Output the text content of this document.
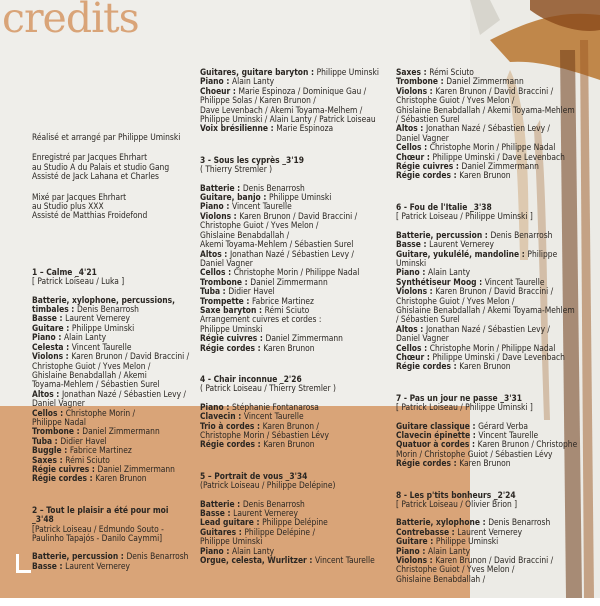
credits

Réalisé et arrangé par Philippe Uminski

Enregistré par Jacques Ehrhart

au Studio A du Palais et studio Gang

Assisté de Jack Lahana et Charles

Mixé par Jacques Ehrhart

au Studio plus XXX

Assisté de Matthias Froidefond

1 – Calme _4'21

[ Patrick Loiseau / Luka ]

Batterie, xylophone, percussions,

timbales : Denis Benarrosh

Basse : Laurent Vernerey

Guitare : Philippe Uminski

Piano : Alain Lanty

Celesta : Vincent Taurelle

Violons : Karen Brunon / David Braccini /

Christophe Guiot / Yves Melon /

Ghislaine Benabdallah / Akemi

Toyama-Mehlem / Sébastien Surel

Altos : Jonathan Nazé / Sébastien Levy /

Daniel Vagner

Cellos : Christophe Morin /

Philippe Nadal

Trombone : Daniel Zimmermann

Tuba : Didier Havel

Buggle : Fabrice Martinez

Saxes : Rémi Sciuto

Régie cuivres : Daniel Zimmermann

Régie cordes : Karen Brunon

2 – Tout le plaisir a été pour moi _3'48

[Patrick Loiseau / Edmundo Souto -

Paulinho Tapajós - Danilo Caymmi]

Batterie, percussion : Denis Benarrosh

Basse : Laurent Vernerey

Guitares, guitare baryton : Philippe Uminski

Piano : Alain Lanty

Choeur : Marie Espinoza / Dominique Gau /

Philippe Solas / Karen Brunon /

Dave Levenbach / Akemi Toyama-Melhem /

Philippe Uminski / Alain Lanty / Patrick Loiseau

Voix brésilienne : Marie Espinoza

3 - Sous les cyprès _3'19

( Thierry Stremler )

Batterie : Denis Benarrosh

Guitare, banjo : Philippe Uminski

Piano : Vincent Taurelle

Violons : Karen Brunon / David Braccini /

Christophe Guiot / Yves Melon /

Ghislaine Benabdallah /

Akemi Toyama-Mehlem / Sébastien Surel

Altos : Jonathan Nazé / Sébastien Levy /

Daniel Vagner

Cellos : Christophe Morin / Philippe Nadal

Trombone : Daniel Zimmermann

Tuba : Didier Havel

Trompette : Fabrice Martinez

Saxe baryton : Rémi Sciuto

Arrangement cuivres et cordes :

Philippe Uminski

Régie cuivres : Daniel Zimmermann

Régie cordes : Karen Brunon

4 - Chair inconnue _2'26

( Patrick Loiseau / Thierry Stremler )

Piano : Stéphanie Fontanarosa

Clavecin : Vincent Taurelle

Trio à cordes : Karen Brunon /

Christophe Morin / Sébastien Lévy

Régie cordes : Karen Brunon

5 – Portrait de vous _3'34

(Patrick Loiseau / Philippe Delépine)

Batterie : Denis Benarrosh

Basse : Laurent Vernerey

Lead guitare : Philippe Delépine

Guitares : Philippe Delépine /

Philippe Uminski

Piano : Alain Lanty

Orgue, celesta, Wurlitzer : Vincent Taurelle

Saxes : Rémi Sciuto

Trombone : Daniel Zimmermann

Violons : Karen Brunon / David Braccini /

Christophe Guiot / Yves Melon /

Ghislaine Benabdallah / Akemi Toyama-Mehlem

/ Sébastien Surel

Altos : Jonathan Nazé / Sébastien Levy /

Daniel Vagner

Cellos : Christophe Morin / Philippe Nadal

Chœur : Philippe Uminski / Dave Levenbach

Régie cuivres : Daniel Zimmermann

Régie cordes : Karen Brunon

6 - Fou de l'Italie _3'38

[ Patrick Loiseau / Philippe Uminski ]

Batterie, percussion : Denis Benarrosh

Basse : Laurent Vernerey

Guitare, yukulélé, mandoline : Philippe

Uminski

Piano : Alain Lanty

Synthétiseur Moog : Vincent Taurelle

Violons : Karen Brunon / David Braccini /

Christophe Guiot / Yves Melon /

Ghislaine Benabdallah / Akemi Toyama-Mehlem

/ Sébastien Surel

Altos : Jonathan Nazé / Sébastien Levy /

Daniel Vagner

Cellos : Christophe Morin / Philippe Nadal

Chœur : Philippe Uminski / Dave Levenbach

Régie cordes : Karen Brunon

7 - Pas un jour ne passe _3'31

[ Patrick Loiseau / Philippe Uminski ]

Guitare classique : Gérard Verba

Clavecin épinette : Vincent Taurelle

Quatuor à cordes : Karen Brunon / Christophe

Morin / Christophe Guiot / Sébastien Lévy

Régie cordes : Karen Brunon

8 - Les p'tits bonheurs _2'24

[ Patrick Loiseau / Olivier Brion ]

Batterie, xylophone : Denis Benarrosh

Contrebasse : Laurent Vernerey

Guitare : Philippe Uminski

Piano : Alain Lanty

Violons : Karen Brunon / David Braccini /

Christophe Guiot / Yves Melon /

Ghislaine Benabdallah /
